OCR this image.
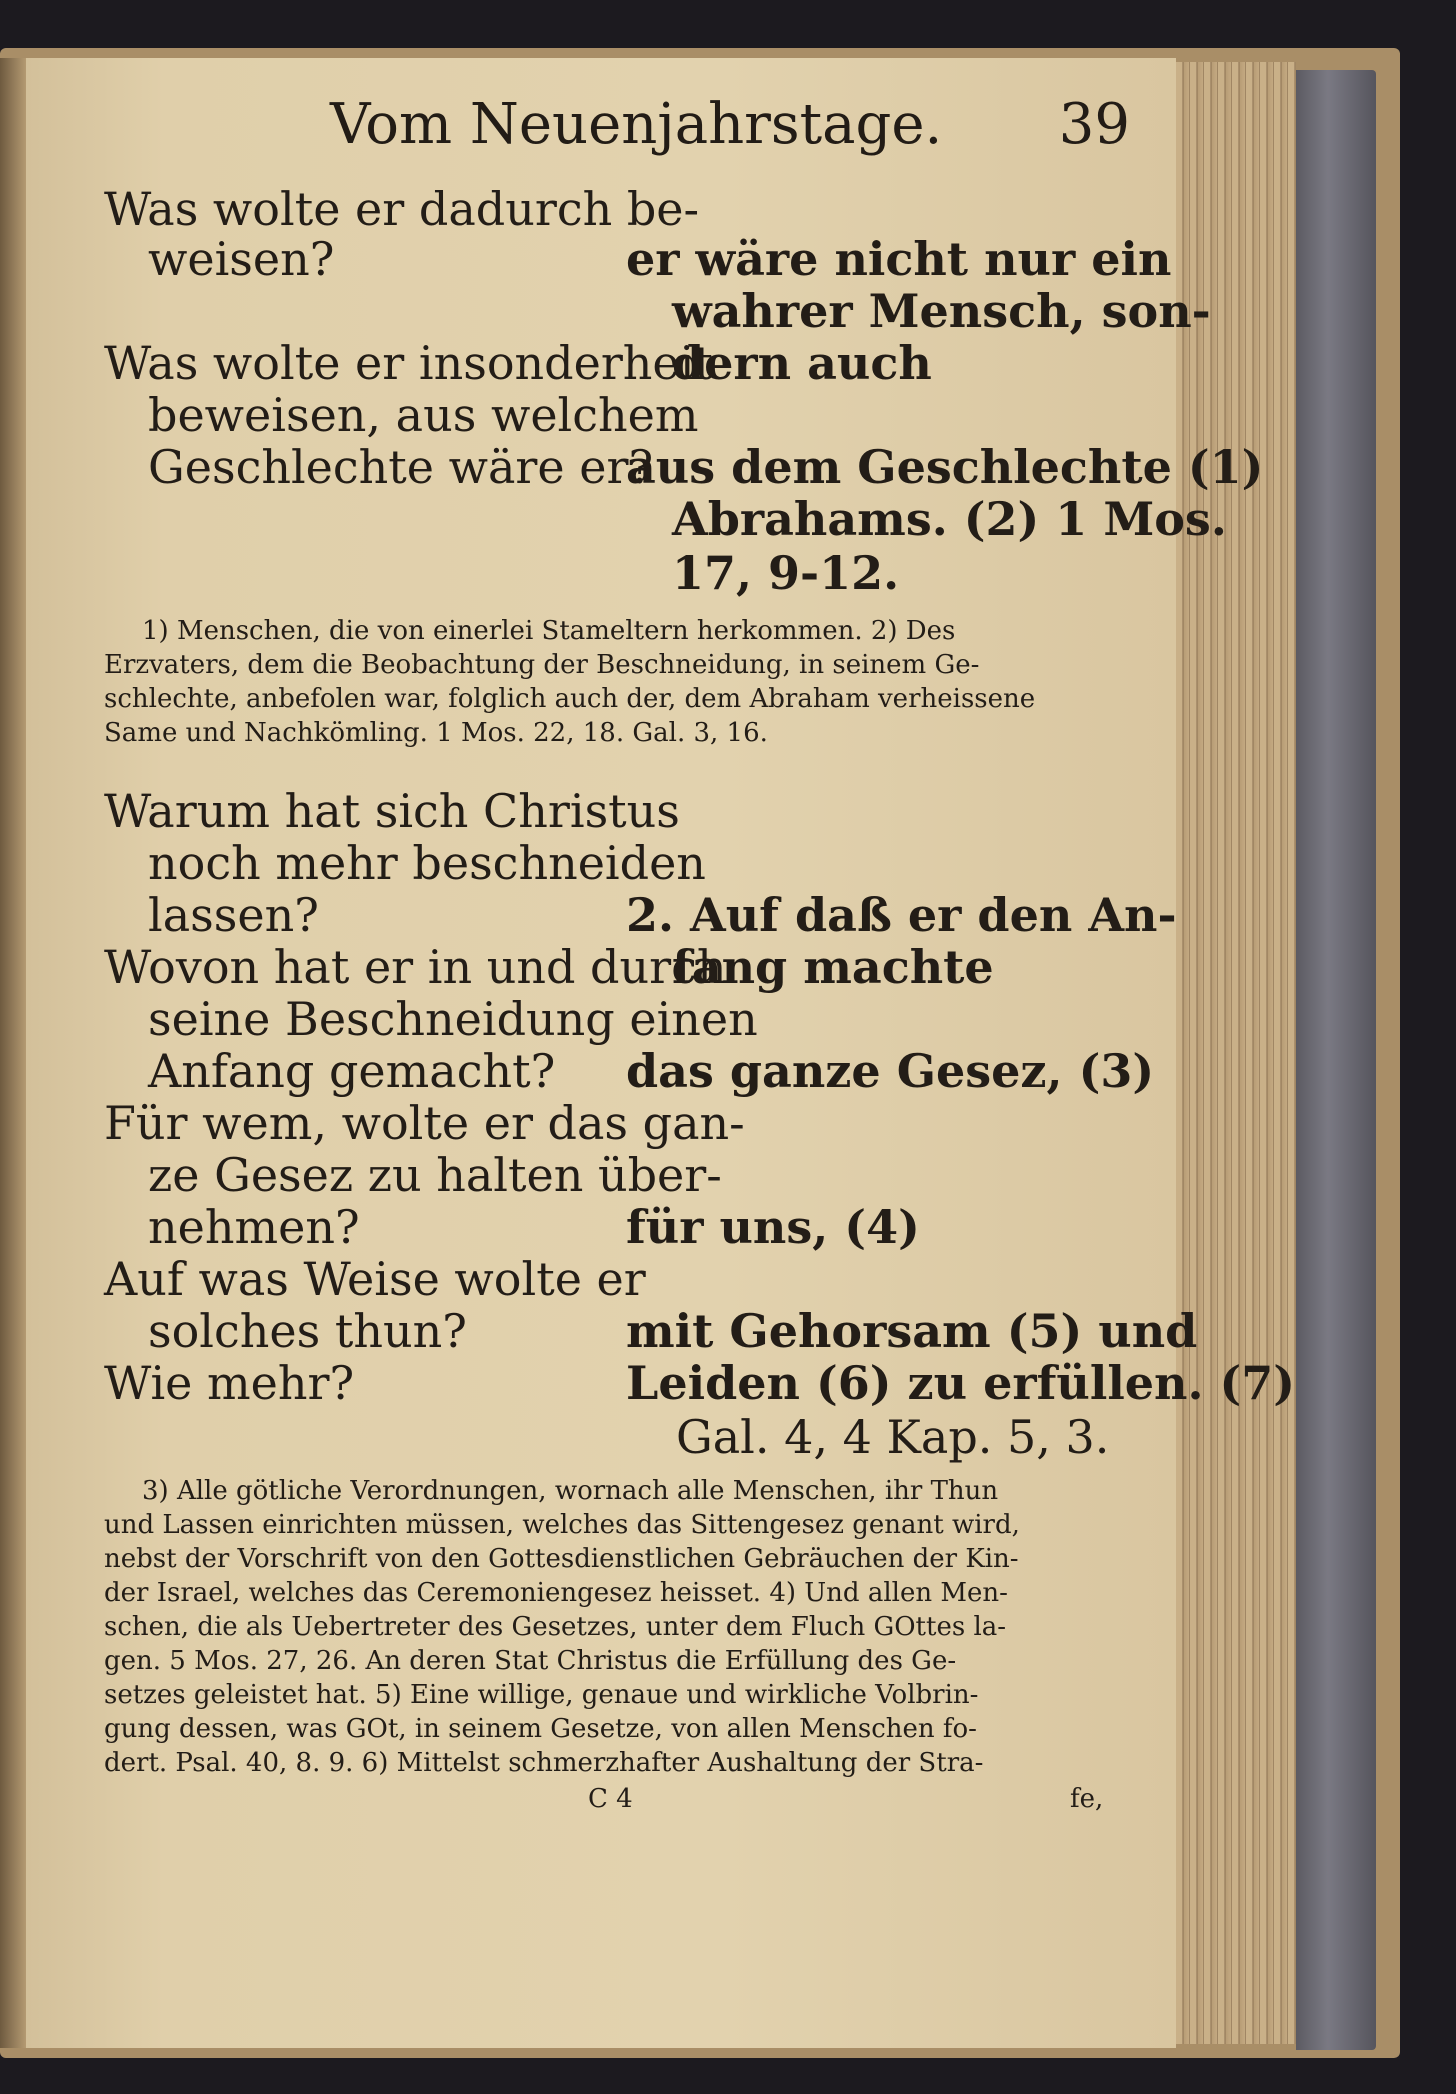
Vom Neuenjahrstage. 39
Was wolte er dadurch be-
weisen?
Was wolte er insonderheit
beweisen, aus welchem
Geschlechte wäre er?
er wäre nicht nur ein
wahrer Mensch, son-
dern auch
aus dem Geschlechte (1)
Abrahams. (2) 1 Mos.
17, 9-12.
1) Menschen, die von einerlei Stameltern herkommen. 2) Des
Erzvaters, dem die Beobachtung der Beschneidung, in seinem Ge-
schlechte, anbefolen war, folglich auch der, dem Abraham verheissene
Same und Nachkömling. 1 Mos. 22, 18. Gal. 3, 16.
Warum hat sich Christus
noch mehr beschneiden
lassen?
Wovon hat er in und durch
seine Beschneidung einen
Anfang gemacht?
Für wem, wolte er das gan-
ze Gesez zu halten über-
nehmen?
Auf was Weise wolte er
solches thun?
Wie mehr?
2. Auf daß er den An-
fang machte
das ganze Gesez, (3)
für uns, (4)
mit Gehorsam (5) und
Leiden (6) zu erfüllen. (7)
Gal. 4, 4 Kap. 5, 3.
3) Alle götliche Verordnungen, wornach alle Menschen, ihr Thun
und Lassen einrichten müssen, welches das Sittengesez genant wird,
nebst der Vorschrift von den Gottesdienstlichen Gebräuchen der Kin-
der Israel, welches das Ceremoniengesez heisset. 4) Und allen Men-
schen, die als Uebertreter des Gesetzes, unter dem Fluch GOttes la-
gen. 5 Mos. 27, 26. An deren Stat Christus die Erfüllung des Ge-
setzes geleistet hat. 5) Eine willige, genaue und wirkliche Volbrin-
gung dessen, was GOt, in seinem Gesetze, von allen Menschen fo-
dert. Psal. 40, 8. 9. 6) Mittelst schmerzhafter Aushaltung der Stra-
C 4	fe,
